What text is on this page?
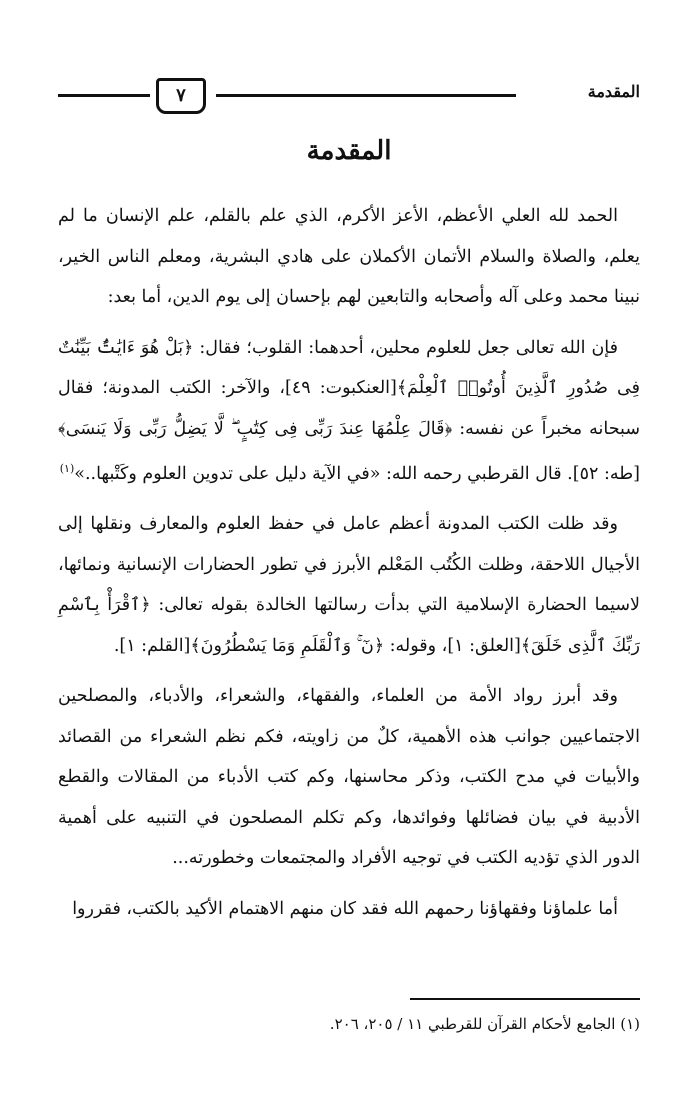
المقدمة
٧
المقدمة

الحمد لله العلي الأعظم، الأعز الأكرم، الذي علم بالقلم، علم الإنسان ما لم يعلم، والصلاة والسلام الأتمان الأكملان على هادي البشرية، ومعلم الناس الخير، نبينا محمد وعلى آله وأصحابه والتابعين لهم بإحسان إلى يوم الدين، أما بعد:

فإن الله تعالى جعل للعلوم محلين، أحدهما: القلوب؛ فقال: ﴿بَلْ هُوَ ءَايَٰتٌۢ بَيِّنَٰتٌ فِى صُدُورِ ٱلَّذِينَ أُوتُوا۟ ٱلْعِلْمَ﴾[العنكبوت: ٤٩]، والآخر: الكتب المدونة؛ فقال سبحانه مخبراً عن نفسه: ﴿قَالَ عِلْمُهَا عِندَ رَبِّى فِى كِتَٰبٍ ۖ لَّا يَضِلُّ رَبِّى وَلَا يَنسَى﴾[طه: ٥٢]. قال القرطبي رحمه الله: «في الآية دليل على تدوين العلوم وكَتْبها..»$^{(١)}$

وقد ظلت الكتب المدونة أعظم عامل في حفظ العلوم والمعارف ونقلها إلى الأجيال اللاحقة، وظلت الكُتُب المَعْلم الأبرز في تطور الحضارات الإنسانية ونمائها، لاسيما الحضارة الإسلامية التي بدأت رسالتها الخالدة بقوله تعالى: ﴿ٱقْرَأْ بِٱسْمِ رَبِّكَ ٱلَّذِى خَلَقَ﴾[العلق: ١]، وقوله: ﴿نٓ ۚ وَٱلْقَلَمِ وَمَا يَسْطُرُونَ﴾[القلم: ١].

وقد أبرز رواد الأمة من العلماء، والفقهاء، والشعراء، والأدباء، والمصلحين الاجتماعيين جوانب هذه الأهمية، كلٌ من زاويته، فكم نظم الشعراء من القصائد والأبيات في مدح الكتب، وذكر محاسنها، وكم كتب الأدباء من المقالات والقطع الأدبية في بيان فضائلها وفوائدها، وكم تكلم المصلحون في التنبيه على أهمية الدور الذي تؤديه الكتب في توجيه الأفراد والمجتمعات وخطورته...

أما علماؤنا وفقهاؤنا رحمهم الله فقد كان منهم الاهتمام الأكيد بالكتب، فقرروا

(١) الجامع لأحكام القرآن للقرطبي ١١ / ٢٠٥، ٢٠٦.
